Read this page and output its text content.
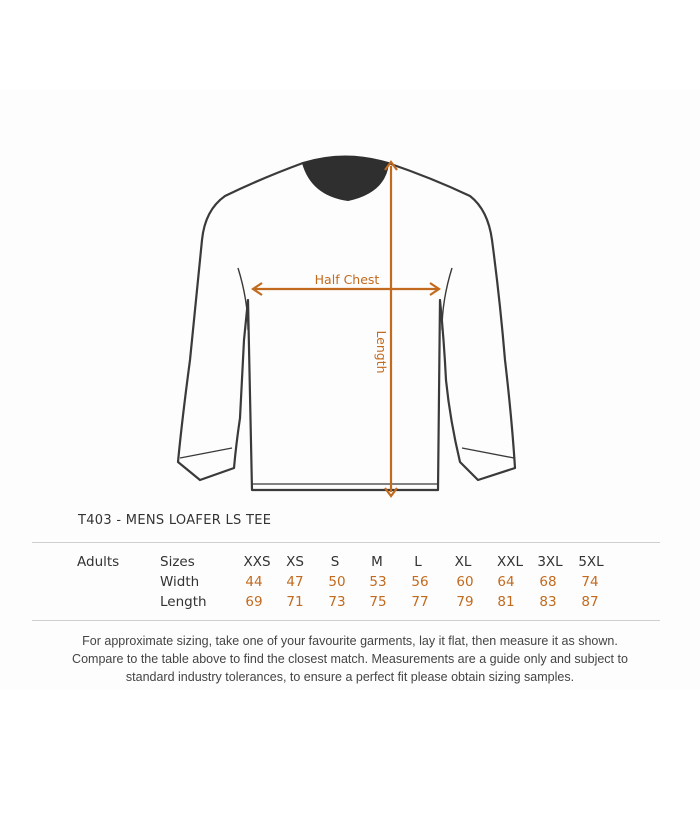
Half Chest
Length
T403 - MENS LOAFER LS TEE
Adults	Sizes
Width
Length
XXS XS S M L XL XXL 3XL 5XL
44 47 50 53 56 60 64 68 74
69 71 73 75 77 79 81 83 87
For approximate sizing, take one of your favourite garments, lay it flat, then measure it as shown.
Compare to the table above to find the closest match. Measurements are a guide only and subject to
standard industry tolerances, to ensure a perfect fit please obtain sizing samples.
